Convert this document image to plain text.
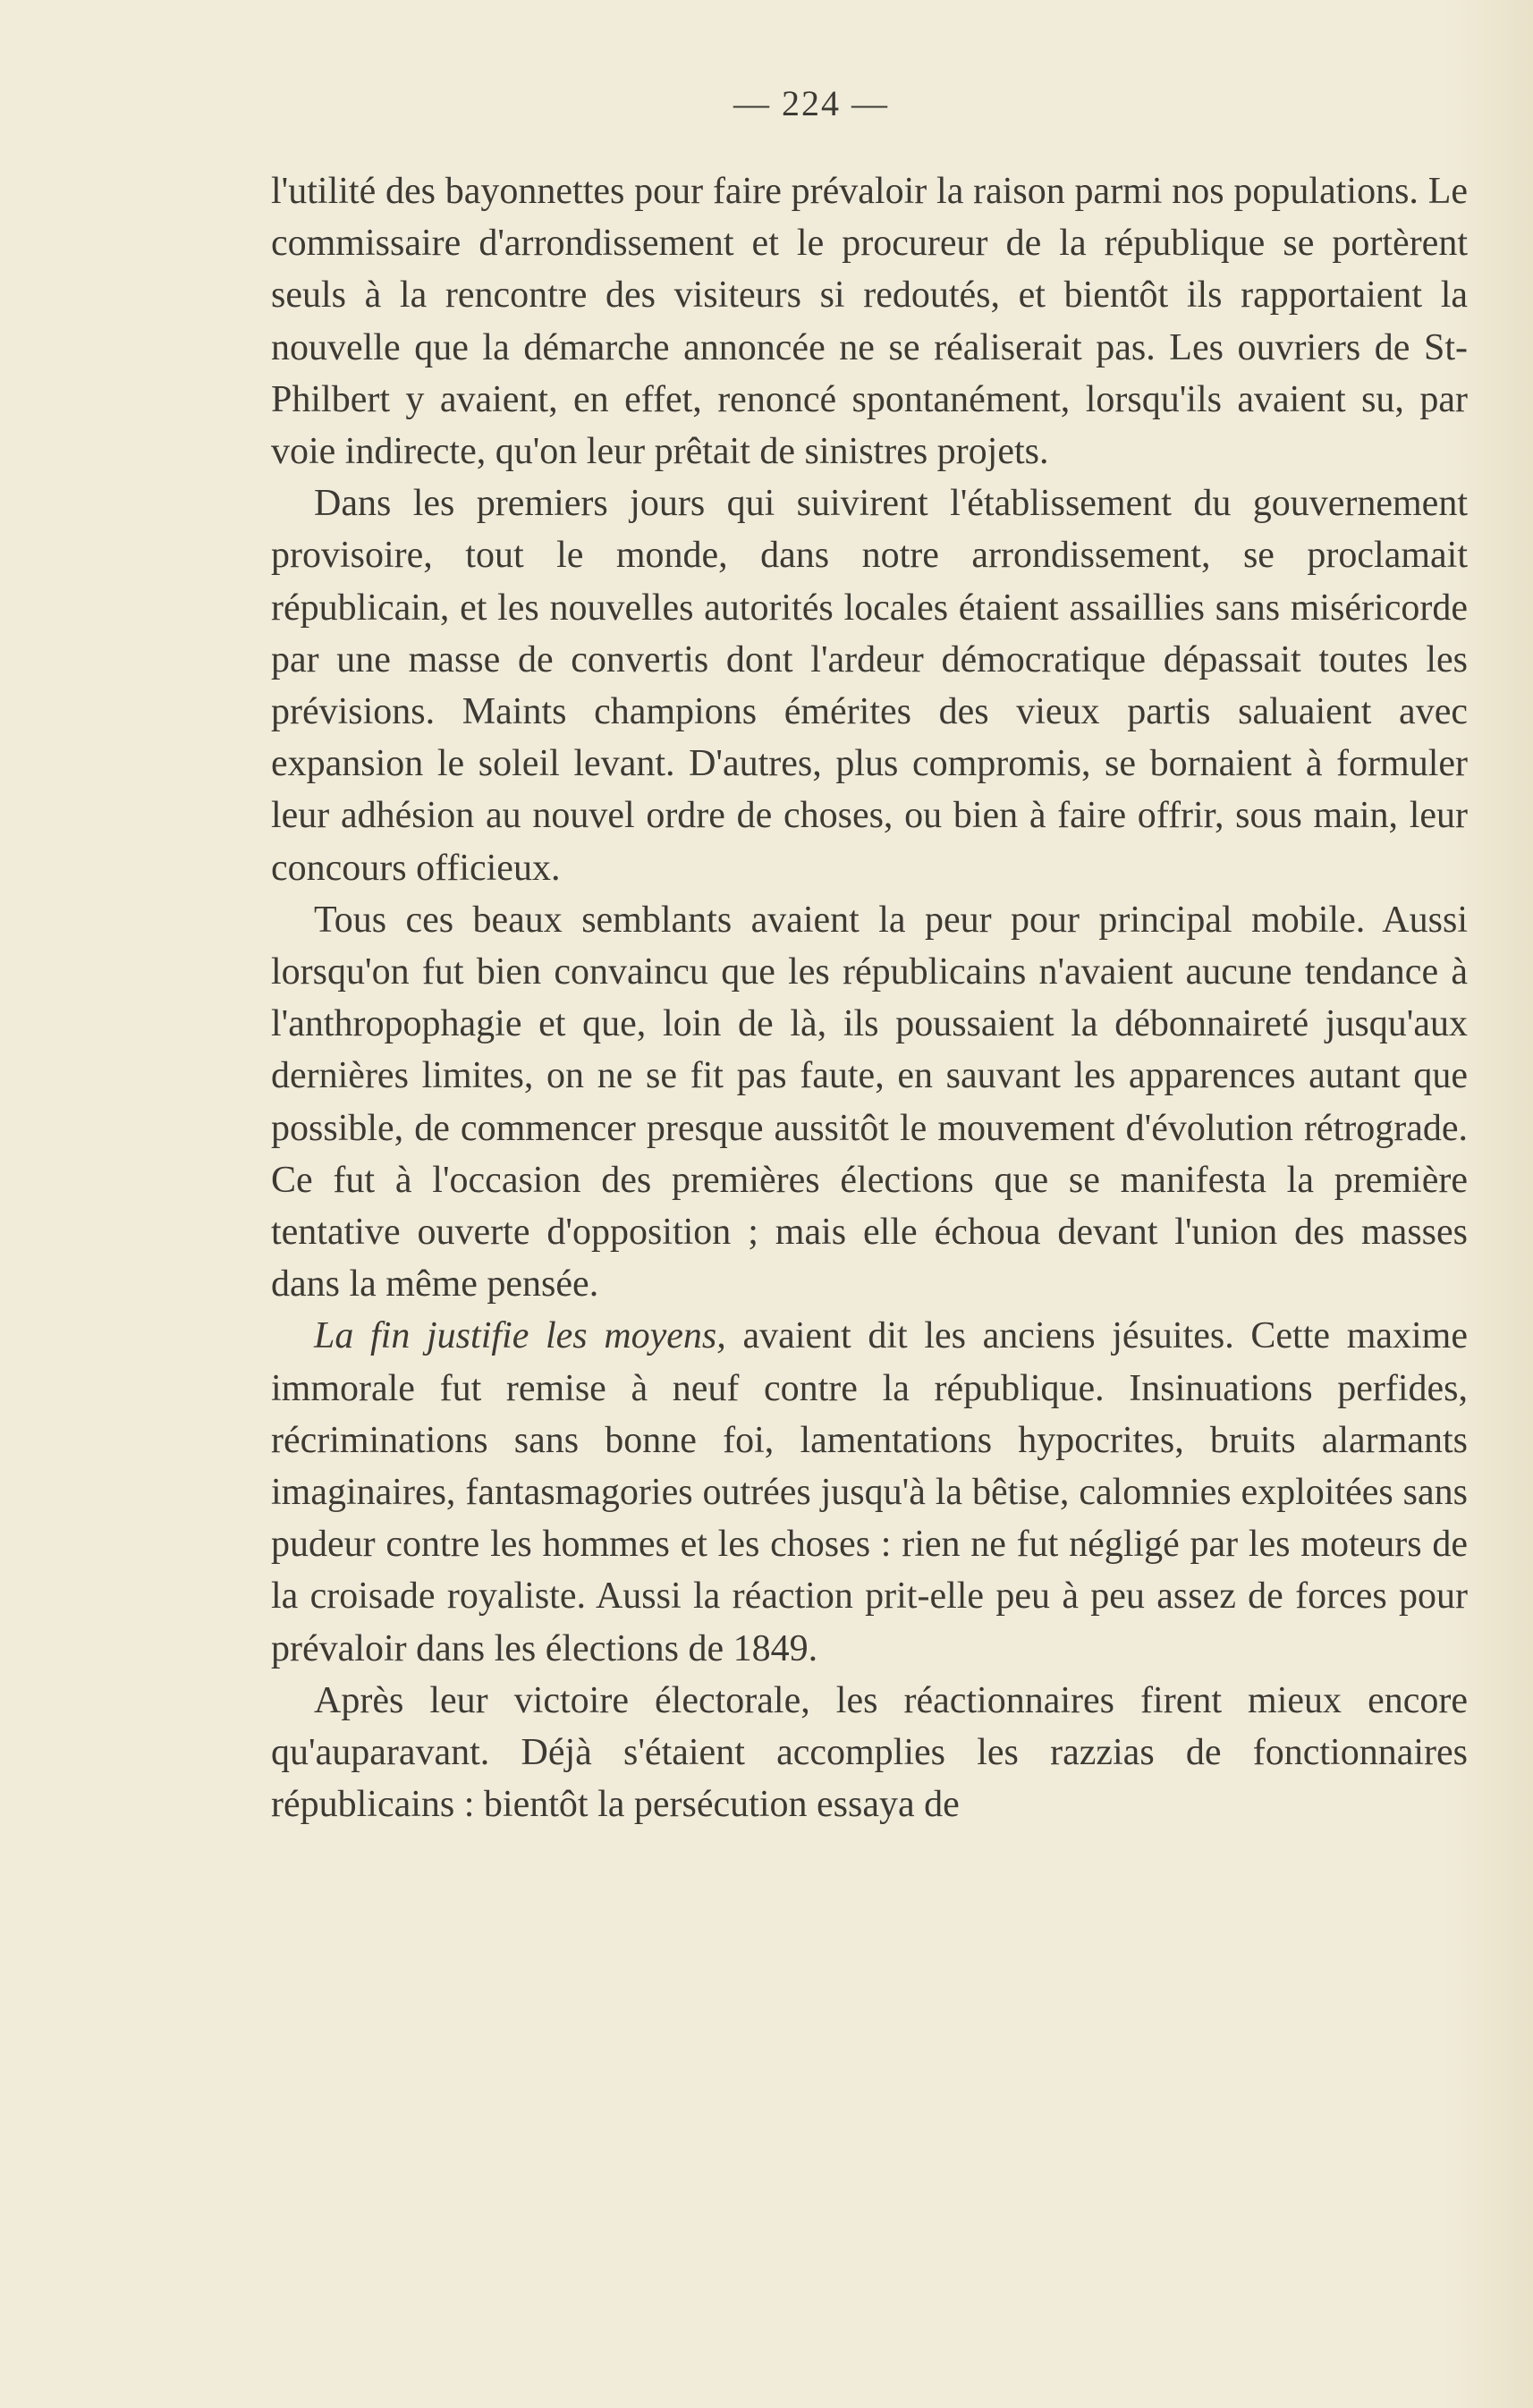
— 224 —

l'utilité des bayonnettes pour faire prévaloir la raison parmi nos populations. Le commissaire d'arrondissement et le procureur de la république se portèrent seuls à la rencontre des visiteurs si redoutés, et bientôt ils rapportaient la nouvelle que la démarche annoncée ne se réaliserait pas. Les ouvriers de St-Philbert y avaient, en effet, renoncé spontanément, lorsqu'ils avaient su, par voie indirecte, qu'on leur prêtait de sinistres projets.

Dans les premiers jours qui suivirent l'établissement du gouvernement provisoire, tout le monde, dans notre arrondissement, se proclamait républicain, et les nouvelles autorités locales étaient assaillies sans miséricorde par une masse de convertis dont l'ardeur démocratique dépassait toutes les prévisions. Maints champions émérites des vieux partis saluaient avec expansion le soleil levant. D'autres, plus compromis, se bornaient à formuler leur adhésion au nouvel ordre de choses, ou bien à faire offrir, sous main, leur concours officieux.

Tous ces beaux semblants avaient la peur pour principal mobile. Aussi lorsqu'on fut bien convaincu que les républicains n'avaient aucune tendance à l'anthropophagie et que, loin de là, ils poussaient la débonnaireté jusqu'aux dernières limites, on ne se fit pas faute, en sauvant les apparences autant que possible, de commencer presque aussitôt le mouvement d'évolution rétrograde. Ce fut à l'occasion des premières élections que se manifesta la première tentative ouverte d'opposition ; mais elle échoua devant l'union des masses dans la même pensée.

La fin justifie les moyens, avaient dit les anciens jésuites. Cette maxime immorale fut remise à neuf contre la république. Insinuations perfides, récriminations sans bonne foi, lamentations hypocrites, bruits alarmants imaginaires, fantasmagories outrées jusqu'à la bêtise, calomnies exploitées sans pudeur contre les hommes et les choses : rien ne fut négligé par les moteurs de la croisade royaliste. Aussi la réaction prit-elle peu à peu assez de forces pour prévaloir dans les élections de 1849.

Après leur victoire électorale, les réactionnaires firent mieux encore qu'auparavant. Déjà s'étaient accomplies les razzias de fonctionnaires républicains : bientôt la persécution essaya de
